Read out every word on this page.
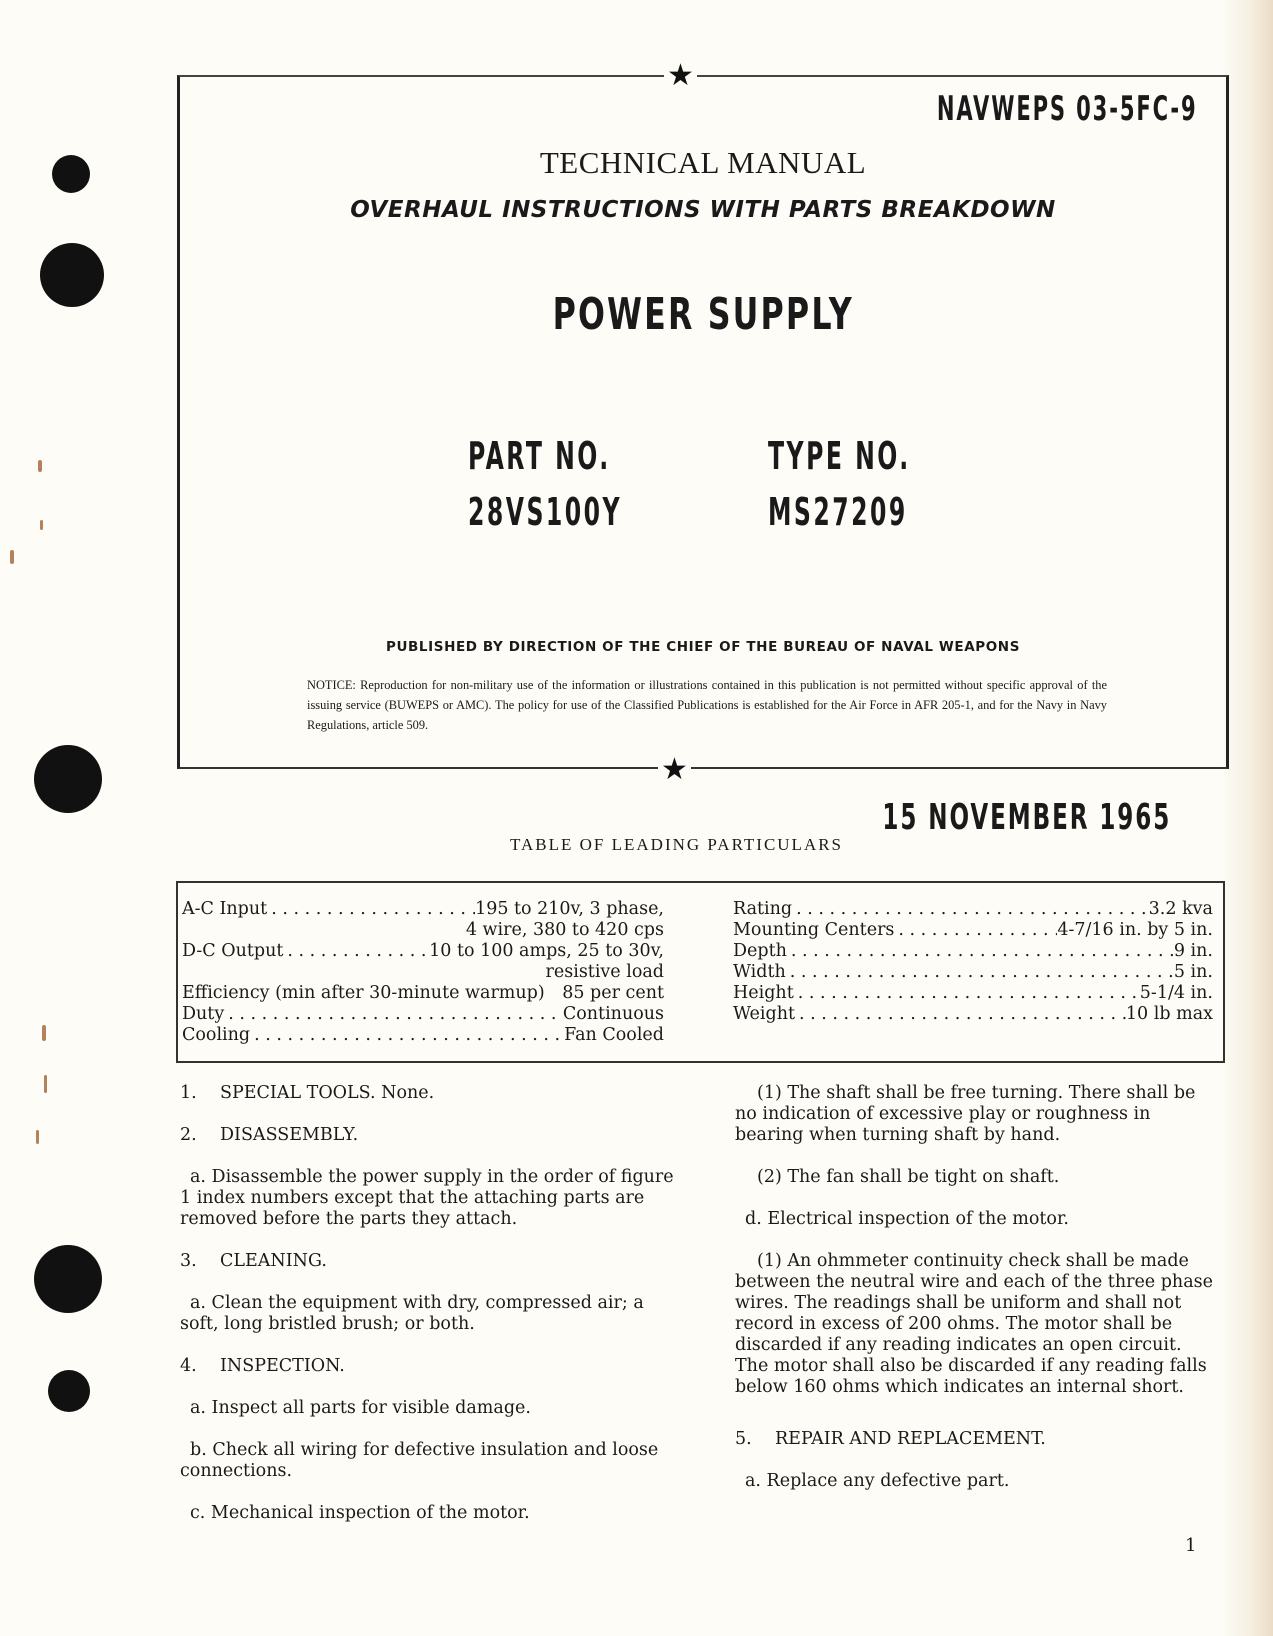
★
★
NAVWEPS 03-5FC-9
TECHNICAL MANUAL
OVERHAUL INSTRUCTIONS WITH PARTS BREAKDOWN
POWER SUPPLY
PART NO.
28VS100Y
TYPE NO.
MS27209
PUBLISHED BY DIRECTION OF THE CHIEF OF THE BUREAU OF NAVAL WEAPONS
NOTICE: Reproduction for non-military use of the information or illustrations contained in this publication is not permitted without specific approval of the issuing service (BUWEPS or AMC). The policy for use of the Classified Publications is established for the Air Force in AFR 205-1, and for the Navy in Navy Regulations, article 509.
15 NOVEMBER 1965
TABLE OF LEADING PARTICULARS
A-C Input . . .	195 to 210v, 3 phase,
4 wire, 380 to 420 cps
D-C Output . . .	10 to 100 amps, 25 to 30v,
resistive load
Efficiency (min after 30-minute warmup) 85 per cent
Duty . . .	Continuous
Cooling . . .	Fan Cooled
Rating . . .	3.2 kva
Mounting Centers . . .	4-7/16 in. by 5 in.
Depth . . .	9 in.
Width . . .	5 in.
Height . . .	5-1/4 in.
Weight . . .	10 lb max

1. SPECIAL TOOLS. None.

2. DISASSEMBLY.

a. Disassemble the power supply in the order of figure 1 index numbers except that the attaching parts are removed before the parts they attach.

3. CLEANING.

a. Clean the equipment with dry, compressed air; a soft, long bristled brush; or both.

4. INSPECTION.

a. Inspect all parts for visible damage.

b. Check all wiring for defective insulation and loose connections.

c. Mechanical inspection of the motor.

(1) The shaft shall be free turning. There shall be no indication of excessive play or roughness in bearing when turning shaft by hand.

(2) The fan shall be tight on shaft.

d. Electrical inspection of the motor.

(1) An ohmmeter continuity check shall be made between the neutral wire and each of the three phase wires. The readings shall be uniform and shall not record in excess of 200 ohms. The motor shall be discarded if any reading indicates an open circuit. The motor shall also be discarded if any reading falls below 160 ohms which indicates an internal short.

5. REPAIR AND REPLACEMENT.

a. Replace any defective part.

1
